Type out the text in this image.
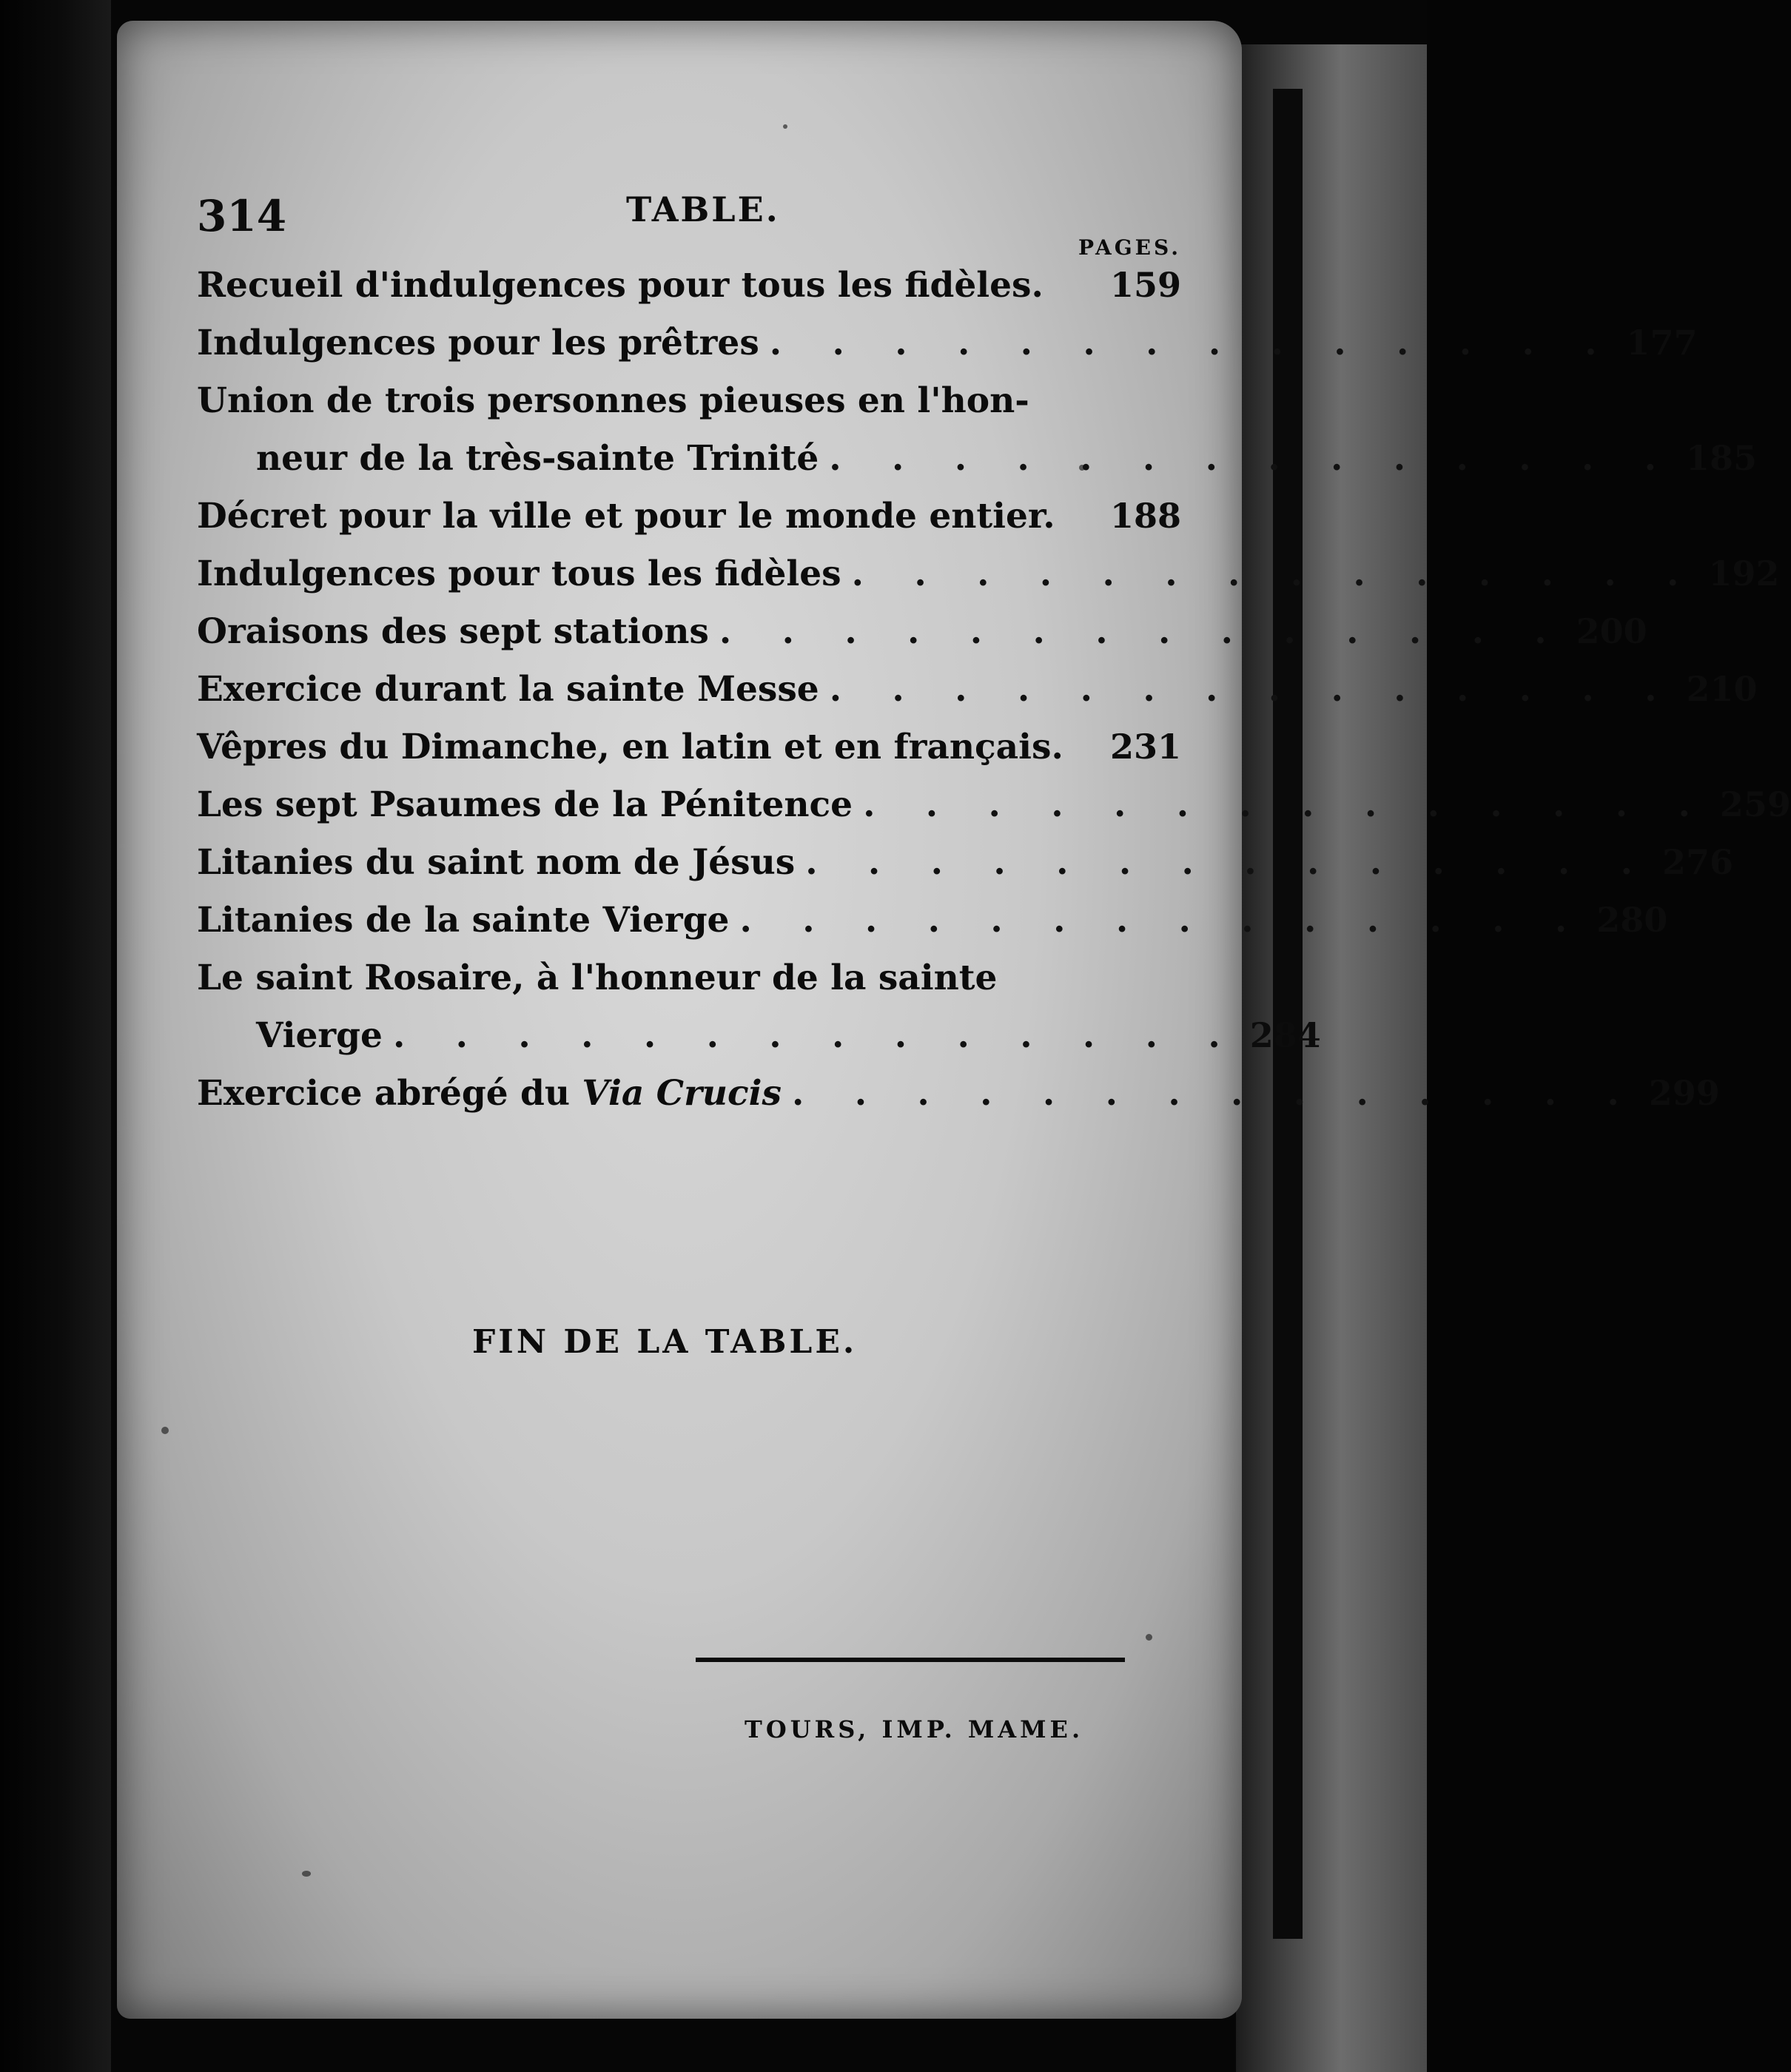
314	TABLE.
PAGES.
Recueil d'indulgences pour tous les fidèles.	159
Indulgences pour les prêtres . . . . . . . . . . . . . . 177
Union de trois personnes pieuses en l'hon-
neur de la très-sainte Trinité . . . . . . . . . . . . . . 185
Décret pour la ville et pour le monde entier.	188
Indulgences pour tous les fidèles . . . . . . . . . . . . . . 192
Oraisons des sept stations . . . . . . . . . . . . . . 200
Exercice durant la sainte Messe . . . . . . . . . . . . . . 210
Vêpres du Dimanche, en latin et en français.	231
Les sept Psaumes de la Pénitence . . . . . . . . . . . . . . 259
Litanies du saint nom de Jésus . . . . . . . . . . . . . . 276
Litanies de la sainte Vierge . . . . . . . . . . . . . . 280
Le saint Rosaire, à l'honneur de la sainte
Vierge . . . . . . . . . . . . . . 284
Exercice abrégé du Via Crucis . . . . . . . . . . . . . . 299
FIN DE LA TABLE.
TOURS, IMP. MAME.
